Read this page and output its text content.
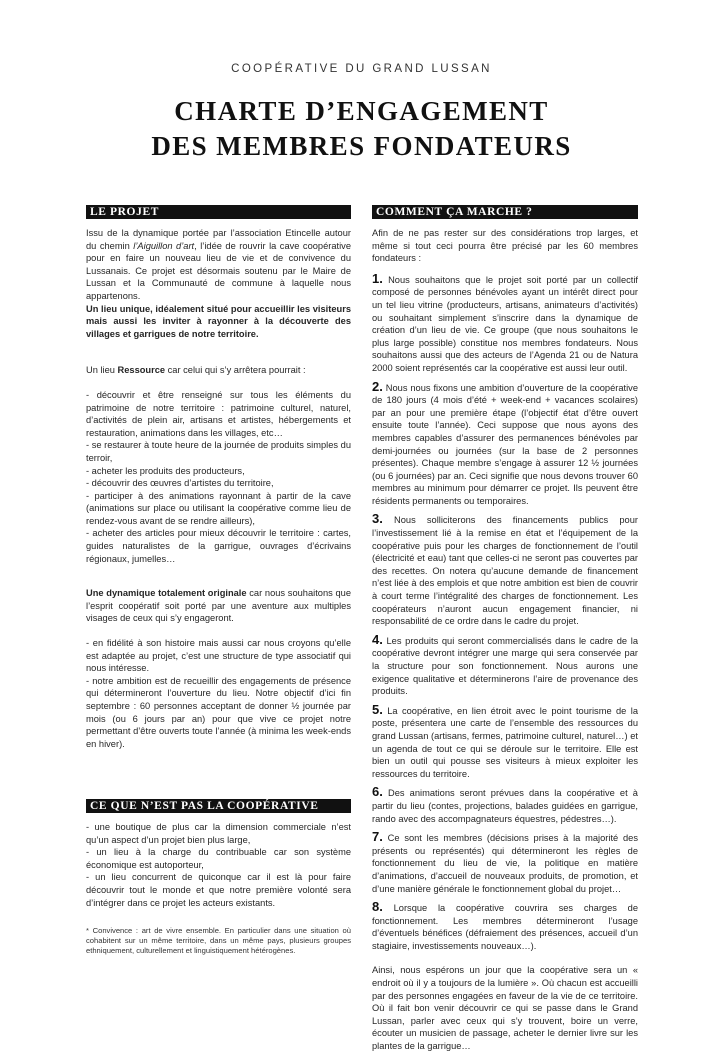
COOPÉRATIVE DU GRAND LUSSAN
CHARTE D’ENGAGEMENT
DES MEMBRES FONDATEURS
LE PROJET

Issu de la dynamique portée par l’association Etincelle autour du chemin l’Aiguillon d’art, l’idée de rouvrir la cave coopérative pour en faire un nouveau lieu de vie et de convivence du Lussanais. Ce projet est désormais soutenu par le Maire de Lussan et la Communauté de commune à laquelle nous appartenons.

Un lieu unique, idéalement situé pour accueillir les visiteurs mais aussi les inviter à rayonner à la découverte des villages et garrigues de notre territoire.

Un lieu Ressource car celui qui s’y arrêtera pourrait :

- découvrir et être renseigné sur tous les éléments du patrimoine de notre territoire : patrimoine culturel, naturel, d’activités de plein air, artisans et artistes, hébergements et restauration, animations dans les villages, etc…

- se restaurer à toute heure de la journée de produits simples du terroir,

- acheter les produits des producteurs,

- découvrir des œuvres d’artistes du territoire,

- participer à des animations rayonnant à partir de la cave (animations sur place ou utilisant la coopérative comme lieu de rendez-vous avant de se rendre ailleurs),

- acheter des articles pour mieux découvrir le territoire : cartes, guides naturalistes de la garrigue, ouvrages d’écrivains régionaux, jumelles…

Une dynamique totalement originale car nous souhaitons que l’esprit coopératif soit porté par une aventure aux multiples visages de ceux qui s’y engageront.

- en fidélité à son histoire mais aussi car nous croyons qu’elle est adaptée au projet, c’est une structure de type associatif qui nous intéresse.

- notre ambition est de recueillir des engagements de présence qui détermineront l’ouverture du lieu. Notre objectif d’ici fin septembre : 60 personnes acceptant de donner ½ journée par mois (ou 6 jours par an) pour que vive ce projet notre permettant d’être ouverts toute l’année (à minima les week-ends en hiver).

CE QUE N’EST PAS LA COOPÉRATIVE

- une boutique de plus car la dimension commerciale n’est qu’un aspect d’un projet bien plus large,

- un lieu à la charge du contribuable car son système économique est autoporteur,

- un lieu concurrent de quiconque car il est là pour faire découvrir tout le monde et que notre première volonté sera d’intégrer dans ce projet les acteurs existants.

* Convivence : art de vivre ensemble. En particulier dans une situation où cohabitent sur un même territoire, dans un même pays, plusieurs groupes ethniquement, culturellement et linguistiquement hétérogènes.
COMMENT ÇA MARCHE ?

Afin de ne pas rester sur des considérations trop larges, et même si tout ceci pourra être précisé par les 60 membres fondateurs :

1. Nous souhaitons que le projet soit porté par un collectif composé de personnes bénévoles ayant un intérêt direct pour un tel lieu vitrine (producteurs, artisans, animateurs d’activités) ou souhaitant simplement s’inscrire dans la dynamique de création d’un lieu de vie. Ce groupe (que nous souhaitons le plus large possible) constitue nos membres fondateurs. Nous souhaitons aussi que des acteurs de l’Agenda 21 ou de Natura 2000 soient représentés car la coopérative est aussi leur outil.
2. Nous nous fixons une ambition d’ouverture de la coopérative de 180 jours (4 mois d’été + week-end + vacances scolaires) par an pour une première étape (l’objectif état d’être ouvert ensuite toute l’année). Ceci suppose que nous ayons des membres capables d’assurer des permanences bénévoles par demi-journées ou journées (sur la base de 2 personnes présentes). Chaque membre s’engage à assurer 12 ½ journées (ou 6 journées) par an. Ceci signifie que nous devons trouver 60 membres au minimum pour démarrer ce projet. Ils peuvent être résidents permanents ou temporaires.
3. Nous solliciterons des financements publics pour l’investissement lié à la remise en état et l’équipement de la coopérative puis pour les charges de fonctionnement de l’outil (électricité et eau) tant que celles-ci ne seront pas couvertes par des recettes. On notera qu’aucune demande de financement n’est liée à des emplois et que notre ambition est bien de couvrir à court terme l’intégralité des charges de fonctionnement. Les coopérateurs n’auront aucun engagement financier, ni responsabilité de ce ordre dans le cadre du projet.
4. Les produits qui seront commercialisés dans le cadre de la coopérative devront intégrer une marge qui sera conservée par la structure pour son fonctionnement. Nous aurons une exigence qualitative et déterminerons l’aire de provenance des produits.
5. La coopérative, en lien étroit avec le point tourisme de la poste, présentera une carte de l’ensemble des ressources du grand Lussan (artisans, fermes, patrimoine culturel, naturel…) et un agenda de tout ce qui se déroule sur le territoire. Elle est bien un outil qui pousse ses visiteurs à mieux exploiter les ressources du territoire.
6. Des animations seront prévues dans la coopérative et à partir du lieu (contes, projections, balades guidées en garrigue, rando avec des accompagnateurs équestres, pédestres…).
7. Ce sont les membres (décisions prises à la majorité des présents ou représentés) qui détermineront les règles de fonctionnement du lieu de vie, la politique en matière d’animations, d’accueil de nouveaux produits, de promotion, et d’une manière générale le fonctionnement global du projet…
8. Lorsque la coopérative couvrira ses charges de fonctionnement. Les membres détermineront l’usage d’éventuels bénéfices (défraiement des présences, accueil d’un stagiaire, investissements nouveaux…).

Ainsi, nous espérons un jour que la coopérative sera un « endroit où il y a toujours de la lumière ». Où chacun est accueilli par des personnes engagées en faveur de la vie de ce territoire. Où il fait bon venir découvrir ce qui se passe dans le Grand Lussan, parler avec ceux qui s’y trouvent, boire un verre, écouter un musicien de passage, acheter le dernier livre sur les plantes de la garrigue…
